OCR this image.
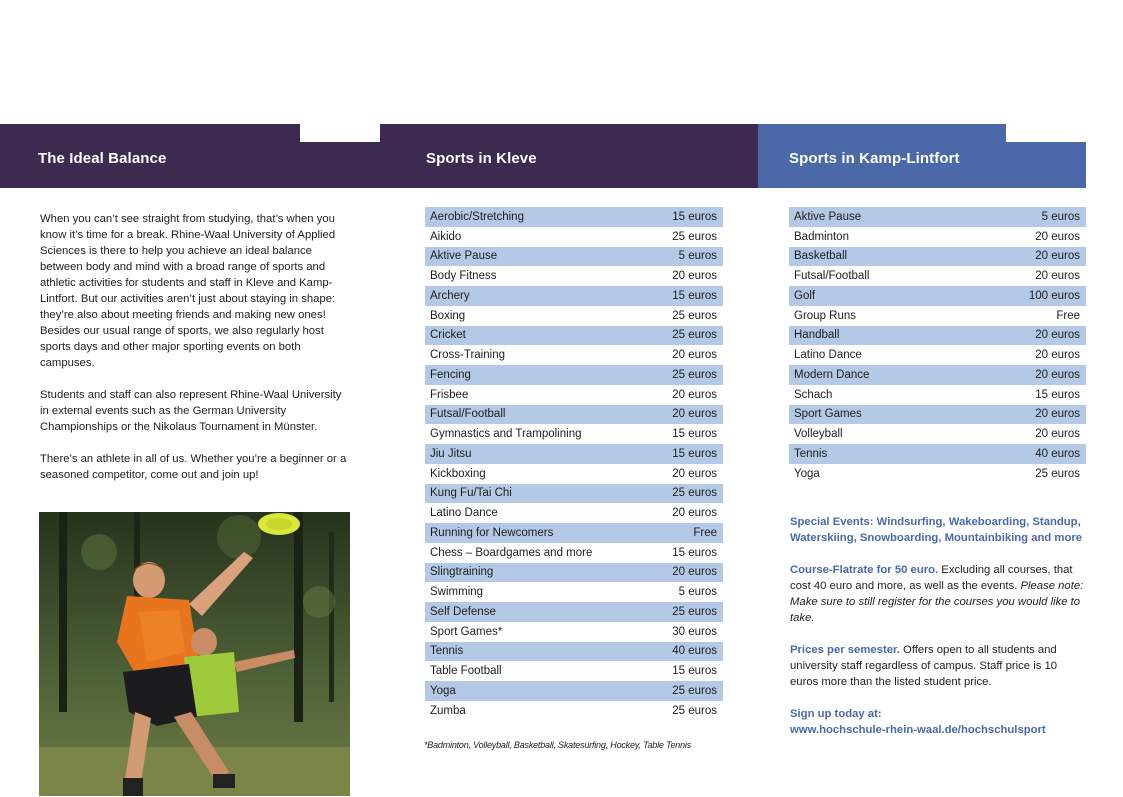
The Ideal Balance	Sports in Kleve	Sports in Kamp-Lintfort

When you can’t see straight from studying, that’s when you know it’s time for a break. Rhine-Waal University of Applied Sciences is there to help you achieve an ideal balance between body and mind with a broad range of sports and athletic activities for students and staff in Kleve and Kamp-Lintfort. But our activities aren’t just about staying in shape: they’re also about meeting friends and making new ones! Besides our usual range of sports, we also regularly host sports days and other major sporting events on both campuses.

Students and staff can also represent Rhine-Waal University in external events such as the German University Championships or the Nikolaus Tournament in Münster.

There’s an athlete in all of us. Whether you’re a beginner or a seasoned competitor, come out and join up!

Aerobic/Stretching	15 euros
Aikido	25 euros
Aktive Pause	5 euros
Body Fitness	20 euros
Archery	15 euros
Boxing	25 euros
Cricket	25 euros
Cross-Training	20 euros
Fencing	25 euros
Frisbee	20 euros
Futsal/Football	20 euros
Gymnastics and Trampolining	15 euros
Jiu Jitsu	15 euros
Kickboxing	20 euros
Kung Fu/Tai Chi	25 euros
Latino Dance	20 euros
Running for Newcomers	Free
Chess – Boardgames and more	15 euros
Slingtraining	20 euros
Swimming	5 euros
Self Defense	25 euros
Sport Games*	30 euros
Tennis	40 euros
Table Football	15 euros
Yoga	25 euros
Zumba	25 euros
*Badminton, Volleyball, Basketball, Skatesurfing, Hockey, Table Tennis
Aktive Pause	5 euros
Badminton	20 euros
Basketball	20 euros
Futsal/Football	20 euros
Golf	100 euros
Group Runs	Free
Handball	20 euros
Latino Dance	20 euros
Modern Dance	20 euros
Schach	15 euros
Sport Games	20 euros
Volleyball	20 euros
Tennis	40 euros
Yoga	25 euros
Special Events: Windsurfing, Wakeboarding, Standup, Waterskiing, Snowboarding, Mountainbiking and more
Course-Flatrate for 50 euro. Excluding all courses, that cost 40 euro and more, as well as the events. Please note: Make sure to still register for the courses you would like to take.
Prices per semester. Offers open to all students and university staff regardless of campus. Staff price is 10 euros more than the listed student price.
Sign up today at:
www.hochschule-rhein-waal.de/hochschulsport
